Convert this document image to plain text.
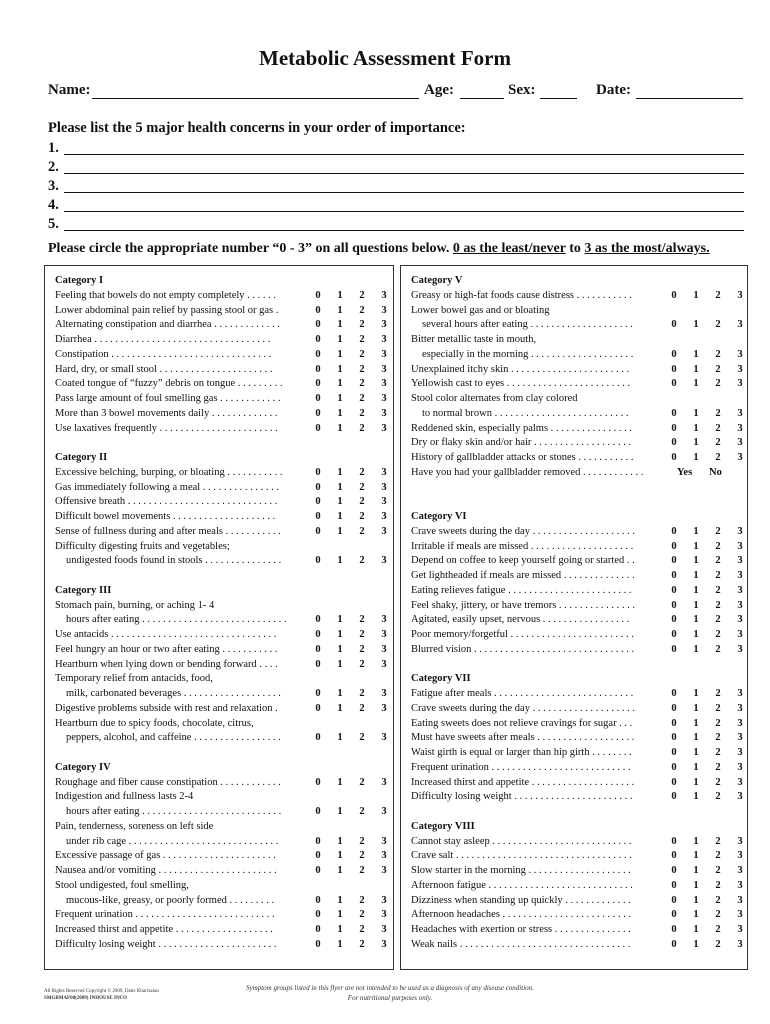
Metabolic Assessment Form
Name:	Age:	Sex:	Date:
Please list the 5 major health concerns in your order of importance:
1.
2.
3.
4.
5.
Please circle the appropriate number “0 - 3” on all questions below. 0 as the least/never to 3 as the most/always.
Category I
Feeling that bowels do not empty completely . . . . . .	0 1 2 3
Lower abdominal pain relief by passing stool or gas .	0 1 2 3
Alternating constipation and diarrhea . . . . . . . . . . . . .	0 1 2 3
Diarrhea . . . . . . . . . . . . . . . . . . . . . . . . . . . . . . . . . .	0 1 2 3
Constipation . . . . . . . . . . . . . . . . . . . . . . . . . . . . . . .	0 1 2 3
Hard, dry, or small stool . . . . . . . . . . . . . . . . . . . . . .	0 1 2 3
Coated tongue of “fuzzy” debris on tongue . . . . . . . . .	0 1 2 3
Pass large amount of foul smelling gas . . . . . . . . . . . .	0 1 2 3
More than 3 bowel movements daily . . . . . . . . . . . . .	0 1 2 3
Use laxatives frequently . . . . . . . . . . . . . . . . . . . . . . .	0 1 2 3
Category II
Excessive belching, burping, or bloating . . . . . . . . . . .	0 1 2 3
Gas immediately following a meal . . . . . . . . . . . . . . .	0 1 2 3
Offensive breath . . . . . . . . . . . . . . . . . . . . . . . . . . . . .	0 1 2 3
Difficult bowel movements . . . . . . . . . . . . . . . . . . . .	0 1 2 3
Sense of fullness during and after meals . . . . . . . . . . .	0 1 2 3
Difficulty digesting fruits and vegetables;
undigested foods found in stools . . . . . . . . . . . . . . .	0 1 2 3
Category III
Stomach pain, burning, or aching 1- 4
hours after eating . . . . . . . . . . . . . . . . . . . . . . . . . . . .	0 1 2 3
Use antacids . . . . . . . . . . . . . . . . . . . . . . . . . . . . . . . .	0 1 2 3
Feel hungry an hour or two after eating . . . . . . . . . . .	0 1 2 3
Heartburn when lying down or bending forward . . . .	0 1 2 3
Temporary relief from antacids, food,
milk, carbonated beverages . . . . . . . . . . . . . . . . . . .	0 1 2 3
Digestive problems subside with rest and relaxation .	0 1 2 3
Heartburn due to spicy foods, chocolate, citrus,
peppers, alcohol, and caffeine . . . . . . . . . . . . . . . . .	0 1 2 3
Category IV
Roughage and fiber cause constipation . . . . . . . . . . . .	0 1 2 3
Indigestion and fullness lasts 2-4
hours after eating . . . . . . . . . . . . . . . . . . . . . . . . . . .	0 1 2 3
Pain, tenderness, soreness on left side
under rib cage . . . . . . . . . . . . . . . . . . . . . . . . . . . . .	0 1 2 3
Excessive passage of gas . . . . . . . . . . . . . . . . . . . . . .	0 1 2 3
Nausea and/or vomiting . . . . . . . . . . . . . . . . . . . . . . .	0 1 2 3
Stool undigested, foul smelling,
mucous-like, greasy, or poorly formed . . . . . . . . .	0 1 2 3
Frequent urination . . . . . . . . . . . . . . . . . . . . . . . . . . .	0 1 2 3
Increased thirst and appetite . . . . . . . . . . . . . . . . . . .	0 1 2 3
Difficulty losing weight . . . . . . . . . . . . . . . . . . . . . . .	0 1 2 3
Category V
Greasy or high-fat foods cause distress . . . . . . . . . . .	0 1 2 3
Lower bowel gas and or bloating
several hours after eating . . . . . . . . . . . . . . . . . . . .	0 1 2 3
Bitter metallic taste in mouth,
especially in the morning . . . . . . . . . . . . . . . . . . . .	0 1 2 3
Unexplained itchy skin . . . . . . . . . . . . . . . . . . . . . . .	0 1 2 3
Yellowish cast to eyes . . . . . . . . . . . . . . . . . . . . . . . .	0 1 2 3
Stool color alternates from clay colored
to normal brown . . . . . . . . . . . . . . . . . . . . . . . . . .	0 1 2 3
Reddened skin, especially palms . . . . . . . . . . . . . . . .	0 1 2 3
Dry or flaky skin and/or hair . . . . . . . . . . . . . . . . . . .	0 1 2 3
History of gallbladder attacks or stones . . . . . . . . . . .	0 1 2 3
Have you had your gallbladder removed . . . . . . . . . . . .	Yes No
Category VI
Crave sweets during the day . . . . . . . . . . . . . . . . . . . .	0 1 2 3
Irritable if meals are missed . . . . . . . . . . . . . . . . . . . .	0 1 2 3
Depend on coffee to keep yourself going or started . .	0 1 2 3
Get lightheaded if meals are missed . . . . . . . . . . . . . .	0 1 2 3
Eating relieves fatigue . . . . . . . . . . . . . . . . . . . . . . . .	0 1 2 3
Feel shaky, jittery, or have tremors . . . . . . . . . . . . . . .	0 1 2 3
Agitated, easily upset, nervous . . . . . . . . . . . . . . . . .	0 1 2 3
Poor memory/forgetful . . . . . . . . . . . . . . . . . . . . . . . .	0 1 2 3
Blurred vision . . . . . . . . . . . . . . . . . . . . . . . . . . . . . . .	0 1 2 3
Category VII
Fatigue after meals . . . . . . . . . . . . . . . . . . . . . . . . . . .	0 1 2 3
Crave sweets during the day . . . . . . . . . . . . . . . . . . . .	0 1 2 3
Eating sweets does not relieve cravings for sugar . . .	0 1 2 3
Must have sweets after meals . . . . . . . . . . . . . . . . . . .	0 1 2 3
Waist girth is equal or larger than hip girth . . . . . . . .	0 1 2 3
Frequent urination . . . . . . . . . . . . . . . . . . . . . . . . . . .	0 1 2 3
Increased thirst and appetite . . . . . . . . . . . . . . . . . . . .	0 1 2 3
Difficulty losing weight . . . . . . . . . . . . . . . . . . . . . . .	0 1 2 3
Category VIII
Cannot stay asleep . . . . . . . . . . . . . . . . . . . . . . . . . . .	0 1 2 3
Crave salt . . . . . . . . . . . . . . . . . . . . . . . . . . . . . . . . . .	0 1 2 3
Slow starter in the morning . . . . . . . . . . . . . . . . . . . .	0 1 2 3
Afternoon fatigue . . . . . . . . . . . . . . . . . . . . . . . . . . . .	0 1 2 3
Dizziness when standing up quickly . . . . . . . . . . . . .	0 1 2 3
Afternoon headaches . . . . . . . . . . . . . . . . . . . . . . . . .	0 1 2 3
Headaches with exertion or stress . . . . . . . . . . . . . . .	0 1 2 3
Weak nails . . . . . . . . . . . . . . . . . . . . . . . . . . . . . . . . .	0 1 2 3
All Rights Reserved Copyright © 2009, Datis Kharrazian
SMGBMAF08(2009) INHOUSE INCO
Symptom groups listed in this flyer are not intended to be used as a diagnosis of any disease condition.
For nutritional purposes only.
